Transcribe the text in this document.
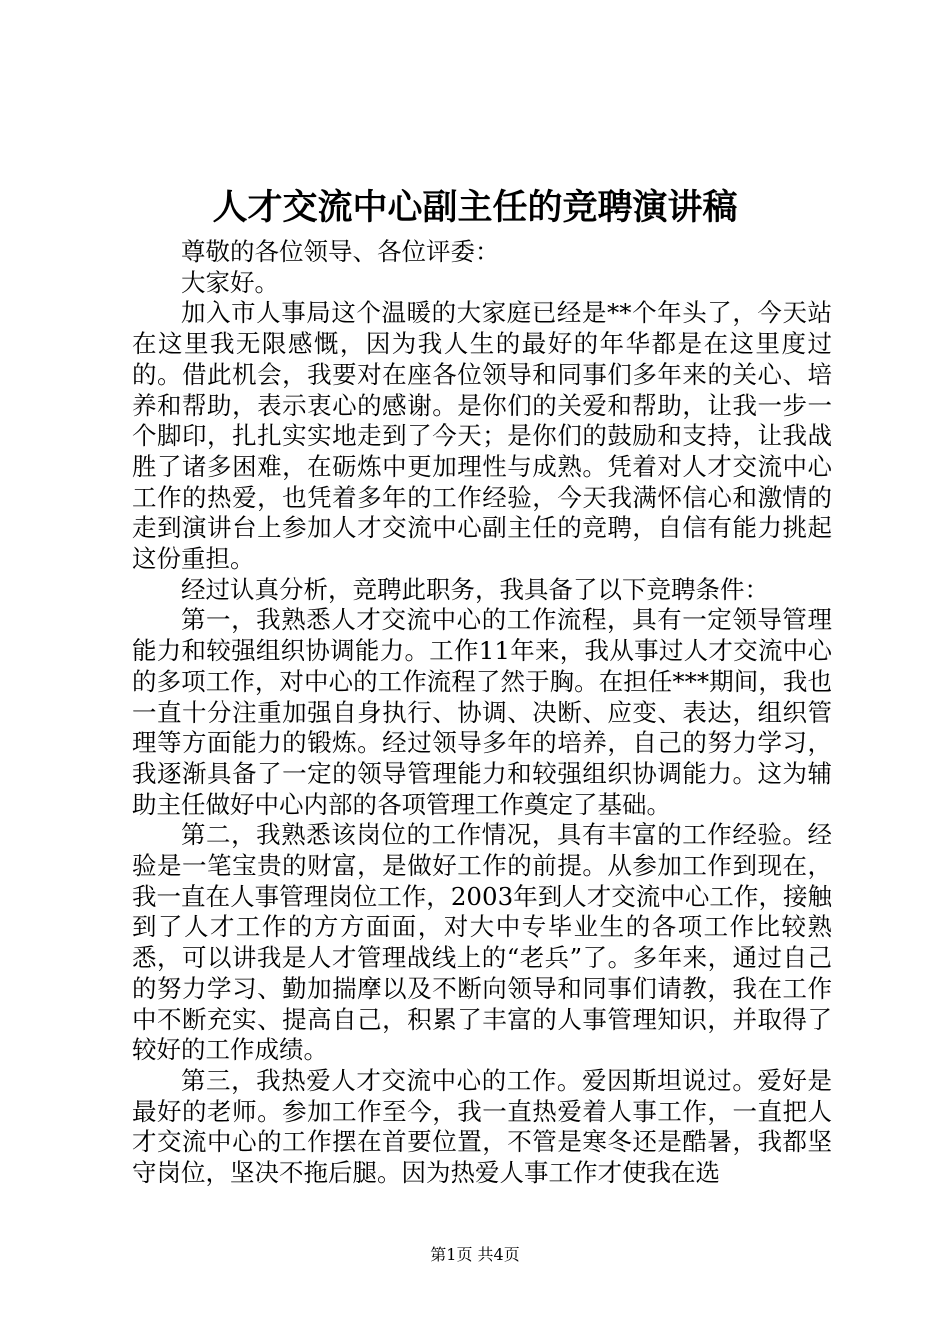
人才交流中心副主任的竞聘演讲稿

尊敬的各位领导、各位评委：

大家好。

加入市人事局这个温暖的大家庭已经是**个年头了，今天站在这里我无限感慨，因为我人生的最好的年华都是在这里度过的。借此机会，我要对在座各位领导和同事们多年来的关心、培养和帮助，表示衷心的感谢。是你们的关爱和帮助，让我一步一个脚印，扎扎实实地走到了今天；是你们的鼓励和支持，让我战胜了诸多困难，在砺炼中更加理性与成熟。凭着对人才交流中心工作的热爱，也凭着多年的工作经验，今天我满怀信心和激情的走到演讲台上参加人才交流中心副主任的竞聘，自信有能力挑起这份重担。

经过认真分析，竞聘此职务，我具备了以下竞聘条件：

第一，我熟悉人才交流中心的工作流程，具有一定领导管理能力和较强组织协调能力。工作11年来，我从事过人才交流中心的多项工作，对中心的工作流程了然于胸。在担任***期间，我也一直十分注重加强自身执行、协调、决断、应变、表达，组织管理等方面能力的锻炼。经过领导多年的培养，自己的努力学习，我逐渐具备了一定的领导管理能力和较强组织协调能力。这为辅助主任做好中心内部的各项管理工作奠定了基础。

第二，我熟悉该岗位的工作情况，具有丰富的工作经验。经验是一笔宝贵的财富，是做好工作的前提。从参加工作到现在，我一直在人事管理岗位工作，2003年到人才交流中心工作，接触到了人才工作的方方面面，对大中专毕业生的各项工作比较熟悉，可以讲我是人才管理战线上的“老兵”了。多年来，通过自己的努力学习、勤加揣摩以及不断向领导和同事们请教，我在工作中不断充实、提高自己，积累了丰富的人事管理知识，并取得了较好的工作成绩。

第三，我热爱人才交流中心的工作。爱因斯坦说过。爱好是最好的老师。参加工作至今，我一直热爱着人事工作，一直把人才交流中心的工作摆在首要位置，不管是寒冬还是酷暑，我都坚守岗位，坚决不拖后腿。因为热爱人事工作才使我在选

第1页 共4页
